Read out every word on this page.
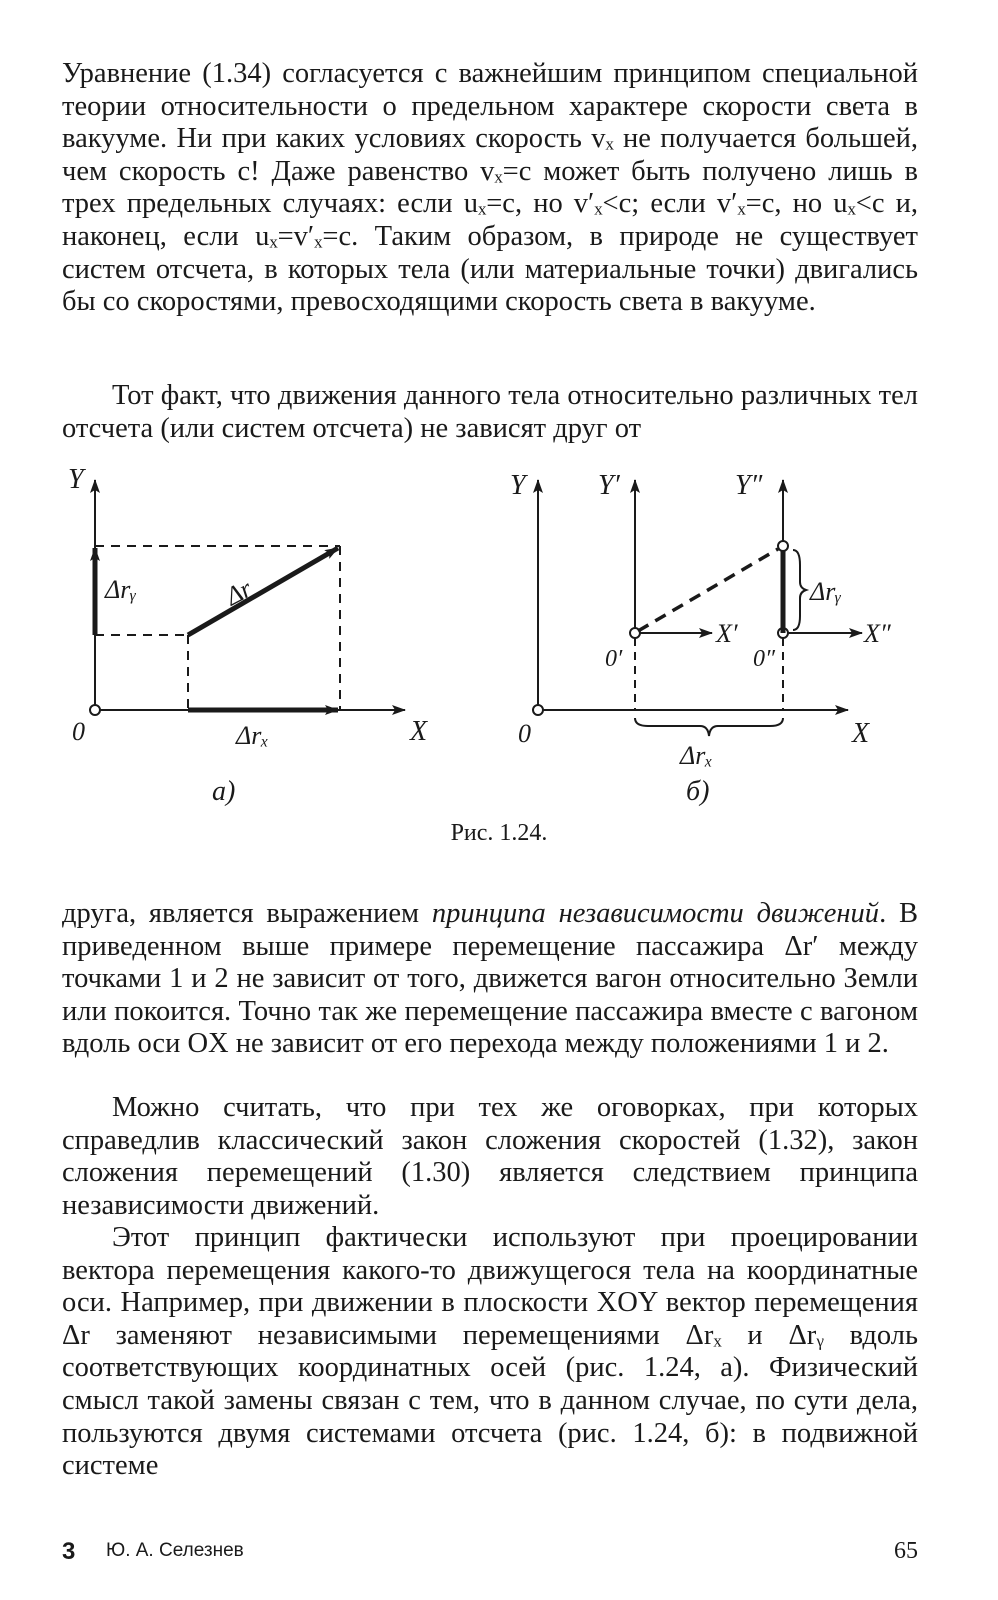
Уравнение (1.34) согласуется с важнейшим принципом специальной теории относительности о предельном характере скорости света в вакууме. Ни при каких условиях скорость vₓ не получается большей, чем скорость c! Даже равенство vₓ=c может быть получено лишь в трех предельных случаях: если uₓ=c, но v′ₓ<c; если v′ₓ=c, но uₓ<c и, наконец, если uₓ=v′ₓ=c. Таким образом, в природе не существует систем отсчета, в которых тела (или материальные точки) двигались бы со скоростями, превосходящими скорость света в вакууме.

Тот факт, что движения данного тела относительно различных тел отсчета (или систем отсчета) не зависят друг от

Y
X
0
Δrᵧ	Δr
Δrₓ
а)
Y	Y′	Y″
X′	X″
0′	0″
0	X
Δrᵧ
Δrₓ
б)
Рис. 1.24.

друга, является выражением принципа независимости движений. В приведенном выше примере перемещение пассажира Δr′ между точками 1 и 2 не зависит от того, движется вагон относительно Земли или покоится. Точно так же перемещение пассажира вместе с вагоном вдоль оси OX не зависит от его перехода между положениями 1 и 2.

Можно считать, что при тех же оговорках, при которых справедлив классический закон сложения скоростей (1.32), закон сложения перемещений (1.30) является следствием принципа независимости движений.

Этот принцип фактически используют при проецировании вектора перемещения какого-то движущегося тела на координатные оси. Например, при движении в плоскости XOY вектор перемещения Δr заменяют независимыми перемещениями Δrₓ и Δrᵧ вдоль соответствующих координатных осей (рис. 1.24, а). Физический смысл такой замены связан с тем, что в данном случае, по сути дела, пользуются двумя системами отсчета (рис. 1.24, б): в подвижной системе

3 Ю. А. Селезнев	65
